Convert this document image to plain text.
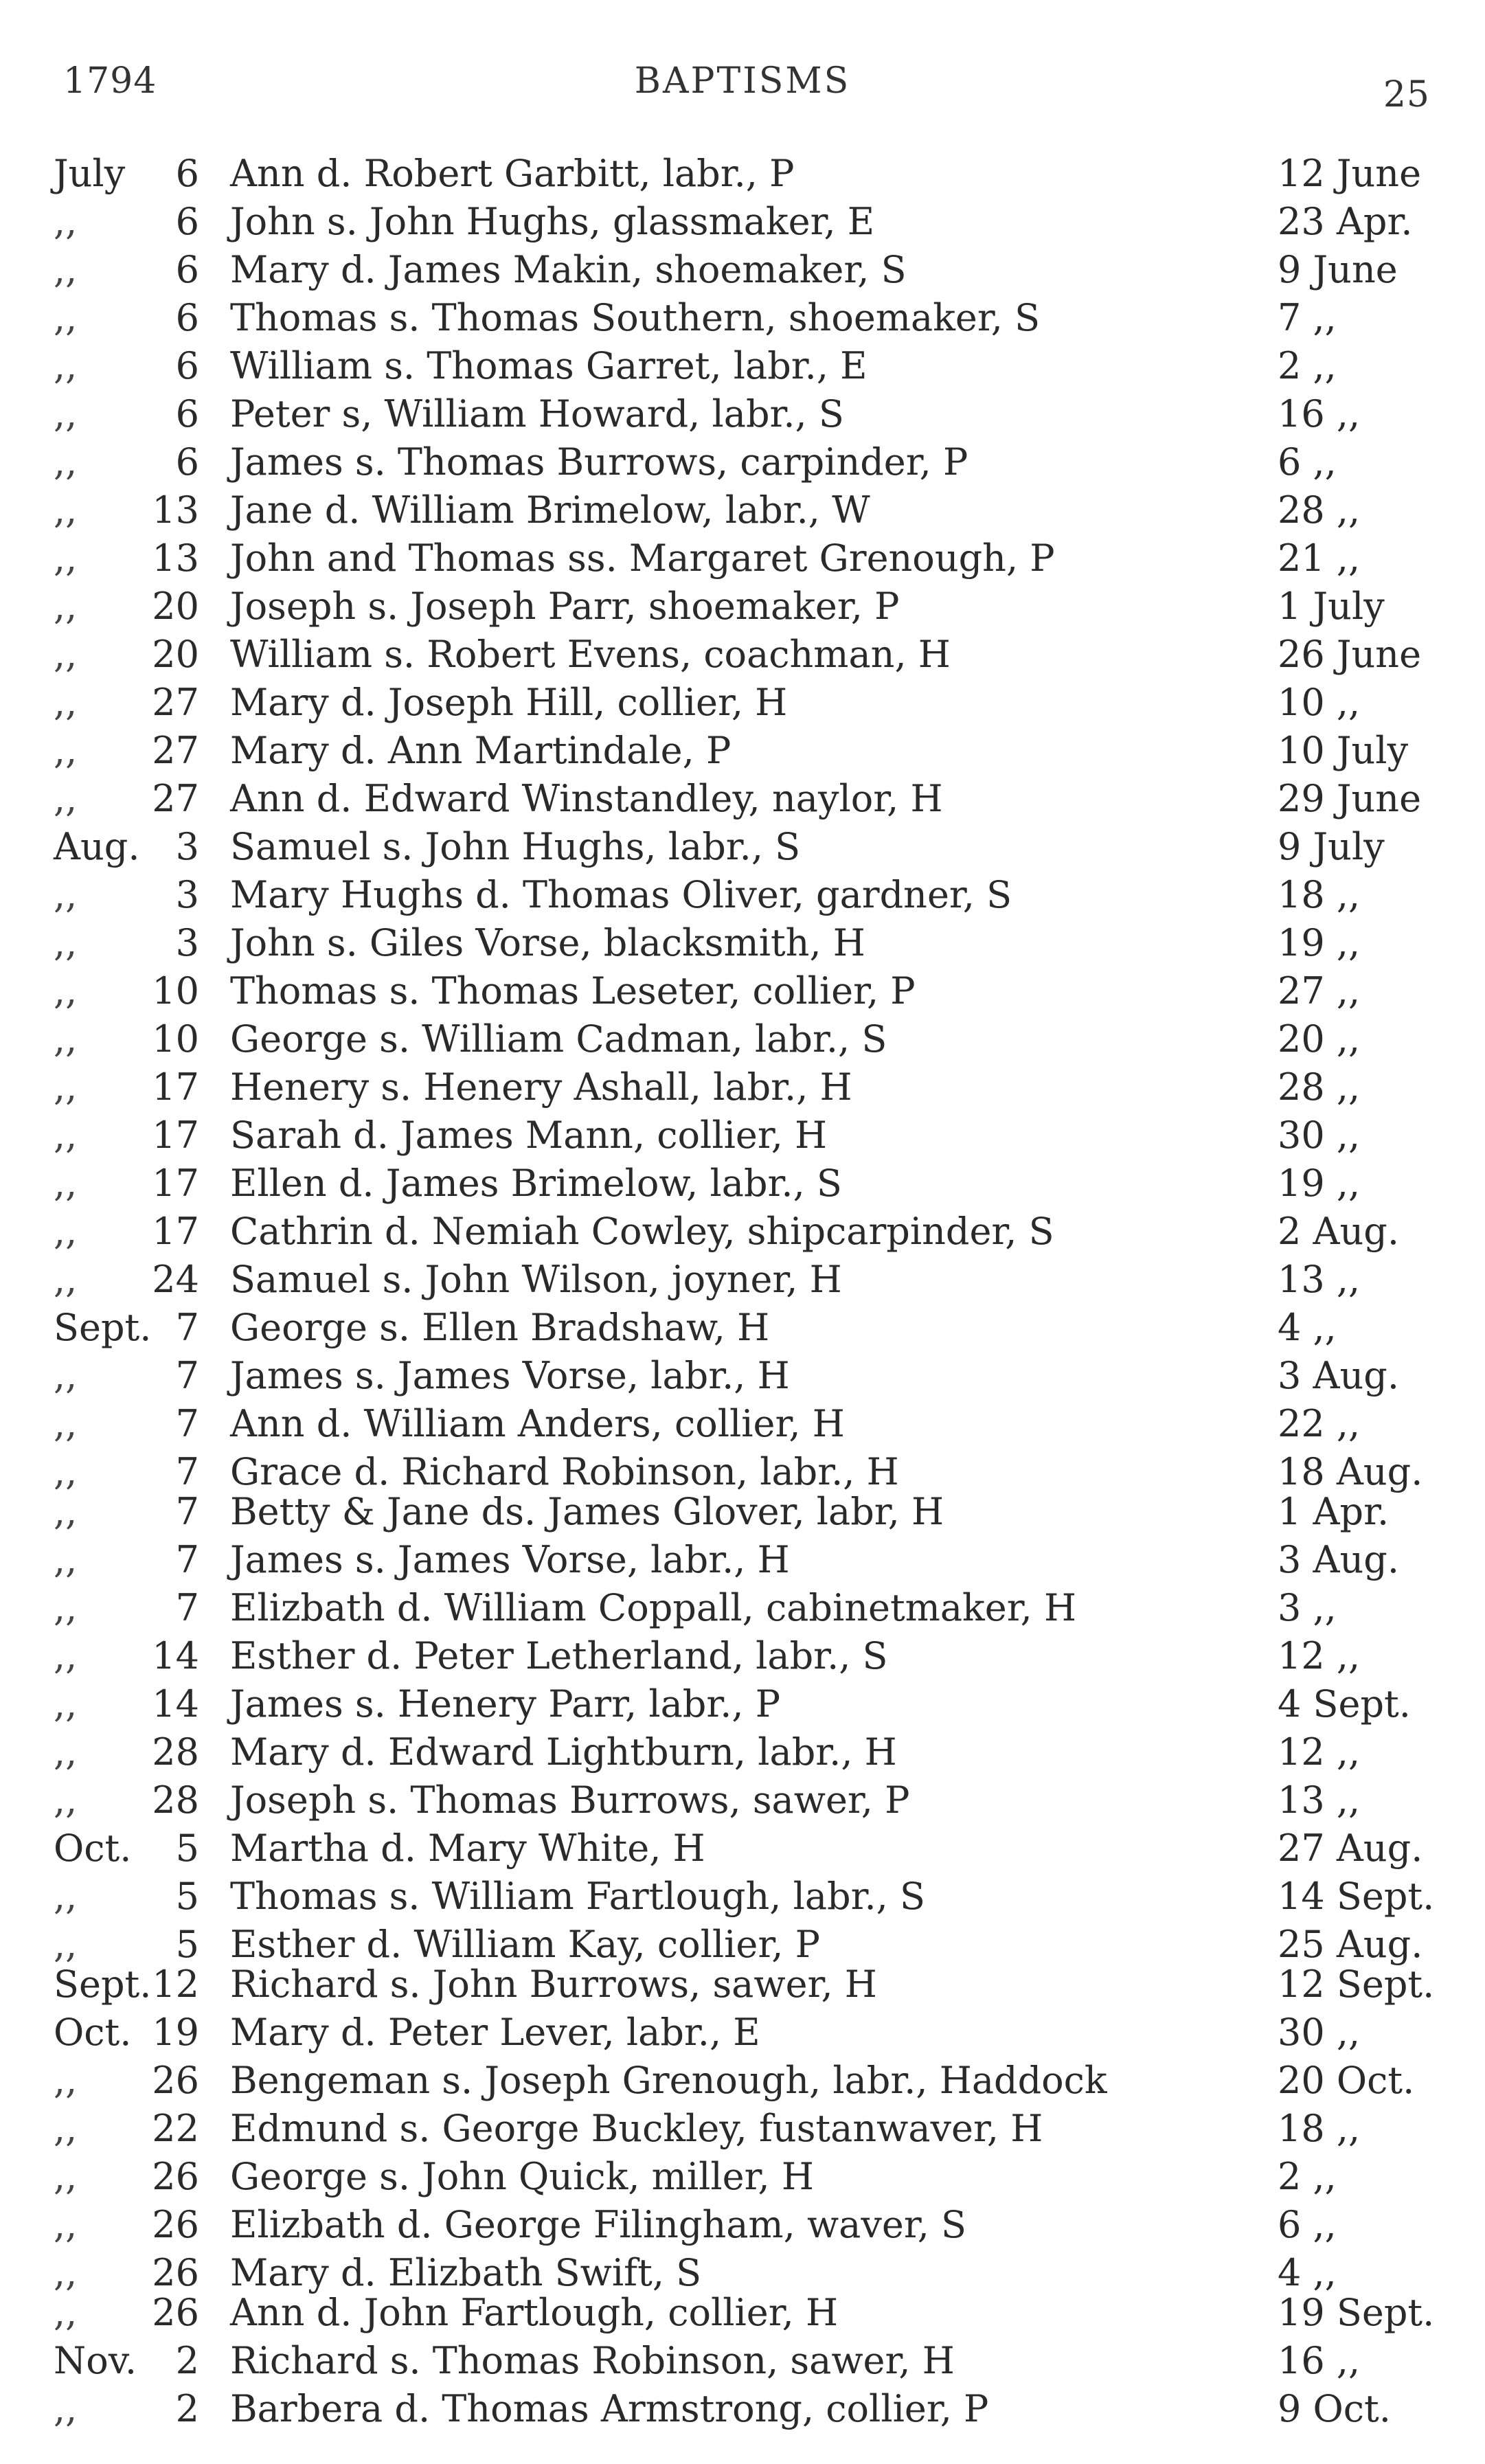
1794	BAPTISMS	25
July	6 Ann d. Robert Garbitt, labr., P	12 June
,,	6 John s. John Hughs, glassmaker, E	23 Apr.
,,	6 Mary d. James Makin, shoemaker, S	9 June
,,	6 Thomas s. Thomas Southern, shoemaker, S	7 ,,
,,	6 William s. Thomas Garret, labr., E	2 ,,
,,	6 Peter s, William Howard, labr., S	16 ,,
,,	6 James s. Thomas Burrows, carpinder, P	6 ,,
,,	13 Jane d. William Brimelow, labr., W	28 ,,
,,	13 John and Thomas ss. Margaret Grenough, P	21 ,,
,,	20 Joseph s. Joseph Parr, shoemaker, P	1 July
,,	20 William s. Robert Evens, coachman, H	26 June
,,	27 Mary d. Joseph Hill, collier, H	10 ,,
,,	27 Mary d. Ann Martindale, P	10 July
,,	27 Ann d. Edward Winstandley, naylor, H	29 June
Aug. 3 Samuel s. John Hughs, labr., S	9 July
,,	3 Mary Hughs d. Thomas Oliver, gardner, S	18 ,,
,,	3 John s. Giles Vorse, blacksmith, H	19 ,,
,,	10 Thomas s. Thomas Leseter, collier, P	27 ,,
,,	10 George s. William Cadman, labr., S	20 ,,
,,	17 Henery s. Henery Ashall, labr., H	28 ,,
,,	17 Sarah d. James Mann, collier, H	30 ,,
,,	17 Ellen d. James Brimelow, labr., S	19 ,,
,,	17 Cathrin d. Nemiah Cowley, shipcarpinder, S	2 Aug.
,,	24 Samuel s. John Wilson, joyner, H	13 ,,
Sept. 7 George s. Ellen Bradshaw, H	4 ,,
,,	7 James s. James Vorse, labr., H	3 Aug.
,,	7 Ann d. William Anders, collier, H	22 ,,
,,	7 Grace d. Richard Robinson, labr., H	18 Aug.
,,	7 Betty & Jane ds. James Glover, labr, H	1 Apr.
,,	7 James s. James Vorse, labr., H	3 Aug.
,,	7 Elizbath d. William Coppall, cabinetmaker, H	3 ,,
,,	14 Esther d. Peter Letherland, labr., S	12 ,,
,,	14 James s. Henery Parr, labr., P	4 Sept.
,,	28 Mary d. Edward Lightburn, labr., H	12 ,,
,,	28 Joseph s. Thomas Burrows, sawer, P	13 ,,
Oct.	5 Martha d. Mary White, H	27 Aug.
,,	5 Thomas s. William Fartlough, labr., S	14 Sept.
,,	5 Esther d. William Kay, collier, P	25 Aug.
Sept. 12 Richard s. John Burrows, sawer, H	12 Sept.
Oct. 19 Mary d. Peter Lever, labr., E	30 ,,
,,	26 Bengeman s. Joseph Grenough, labr., Haddock	20 Oct.
,,	22 Edmund s. George Buckley, fustanwaver, H	18 ,,
,,	26 George s. John Quick, miller, H	2 ,,
,,	26 Elizbath d. George Filingham, waver, S	6 ,,
,,	26 Mary d. Elizbath Swift, S	4 ,,
,,	26 Ann d. John Fartlough, collier, H	19 Sept.
Nov.	2 Richard s. Thomas Robinson, sawer, H	16 ,,
,,	2 Barbera d. Thomas Armstrong, collier, P	9 Oct.
